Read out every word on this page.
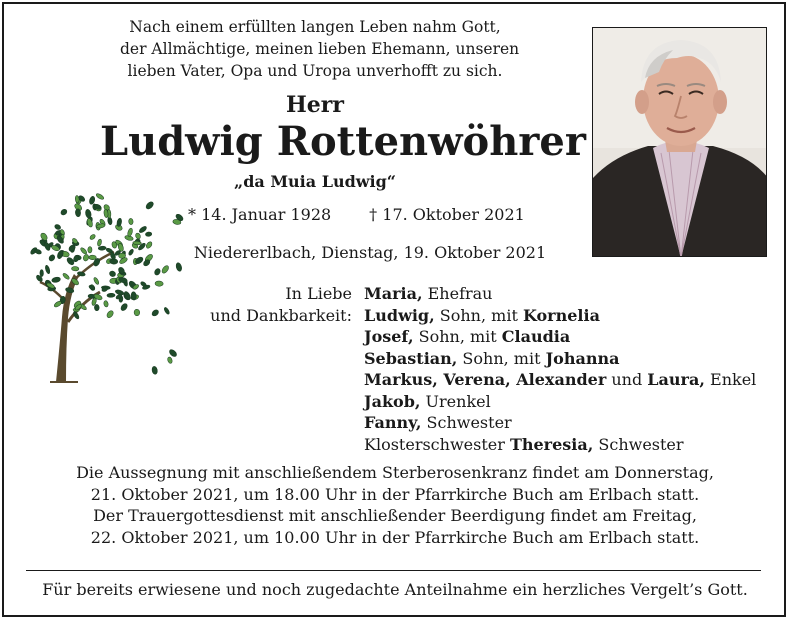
Nach einem erfüllten langen Leben nahm Gott,
der Allmächtige, meinen lieben Ehemann, unseren
lieben Vater, Opa und Uropa unverhofft zu sich.
Herr
Ludwig Rottenwöhrer
„da Muia Ludwig“
* 14. Januar 1928 † 17. Oktober 2021
Niedererlbach, Dienstag, 19. Oktober 2021
In Liebe
und Dankbarkeit:
Maria, Ehefrau
Ludwig, Sohn, mit Kornelia
Josef, Sohn, mit Claudia
Sebastian, Sohn, mit Johanna
Markus, Verena, Alexander und Laura, Enkel
Jakob, Urenkel
Fanny, Schwester
Klosterschwester Theresia, Schwester
Die Aussegnung mit anschließendem Sterberosenkranz findet am Donnerstag,
21. Oktober 2021, um 18.00 Uhr in der Pfarrkirche Buch am Erlbach statt.
Der Trauergottesdienst mit anschließender Beerdigung findet am Freitag,
22. Oktober 2021, um 10.00 Uhr in der Pfarrkirche Buch am Erlbach statt.
Für bereits erwiesene und noch zugedachte Anteilnahme ein herzliches Vergelt’s Gott.
